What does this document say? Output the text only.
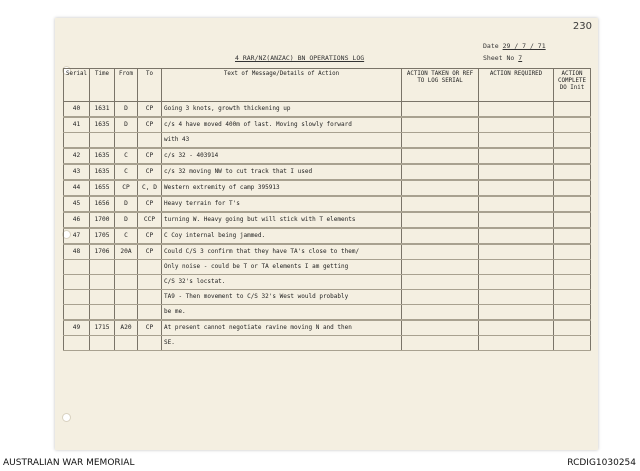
230
4 RAR/NZ(ANZAC) BN OPERATIONS LOG
Date 29 / 7 / 71
Sheet No 7
Serial	Time	From	To	Text of Message/Details of Action	ACTION TAKEN OR REF TO LOG SERIAL	ACTION REQUIRED	ACTION COMPLETE DO Init
40	1631	D	CP	Going 3 knots, growth thickening up			

41	1635	D	CP	c/s 4 have moved 400m of last. Moving slowly forward			
				with 43			

42	1635	C	CP	c/s 32 - 403914			

43	1635	C	CP	c/s 32 moving NW to cut track that I used			

44	1655	CP	C, D	Western extremity of camp 395913			

45	1656	D	CP	Heavy terrain for T's			

46	1700	D	CCP	turning W. Heavy going but will stick with T elements			

47	1705	C	CP	C Coy internal being jammed.			

48	1706	20A	CP	Could C/S 3 confirm that they have TA's close to them/			
				Only noise - could be T or TA elements I am getting			
				C/S 32's locstat.			
				TA9 - Then movement to C/S 32's West would probably			
				be me.			

49	1715	A20	CP	At present cannot negotiate ravine moving N and then			
				SE.			
AUSTRALIAN WAR MEMORIAL	RCDIG1030254
